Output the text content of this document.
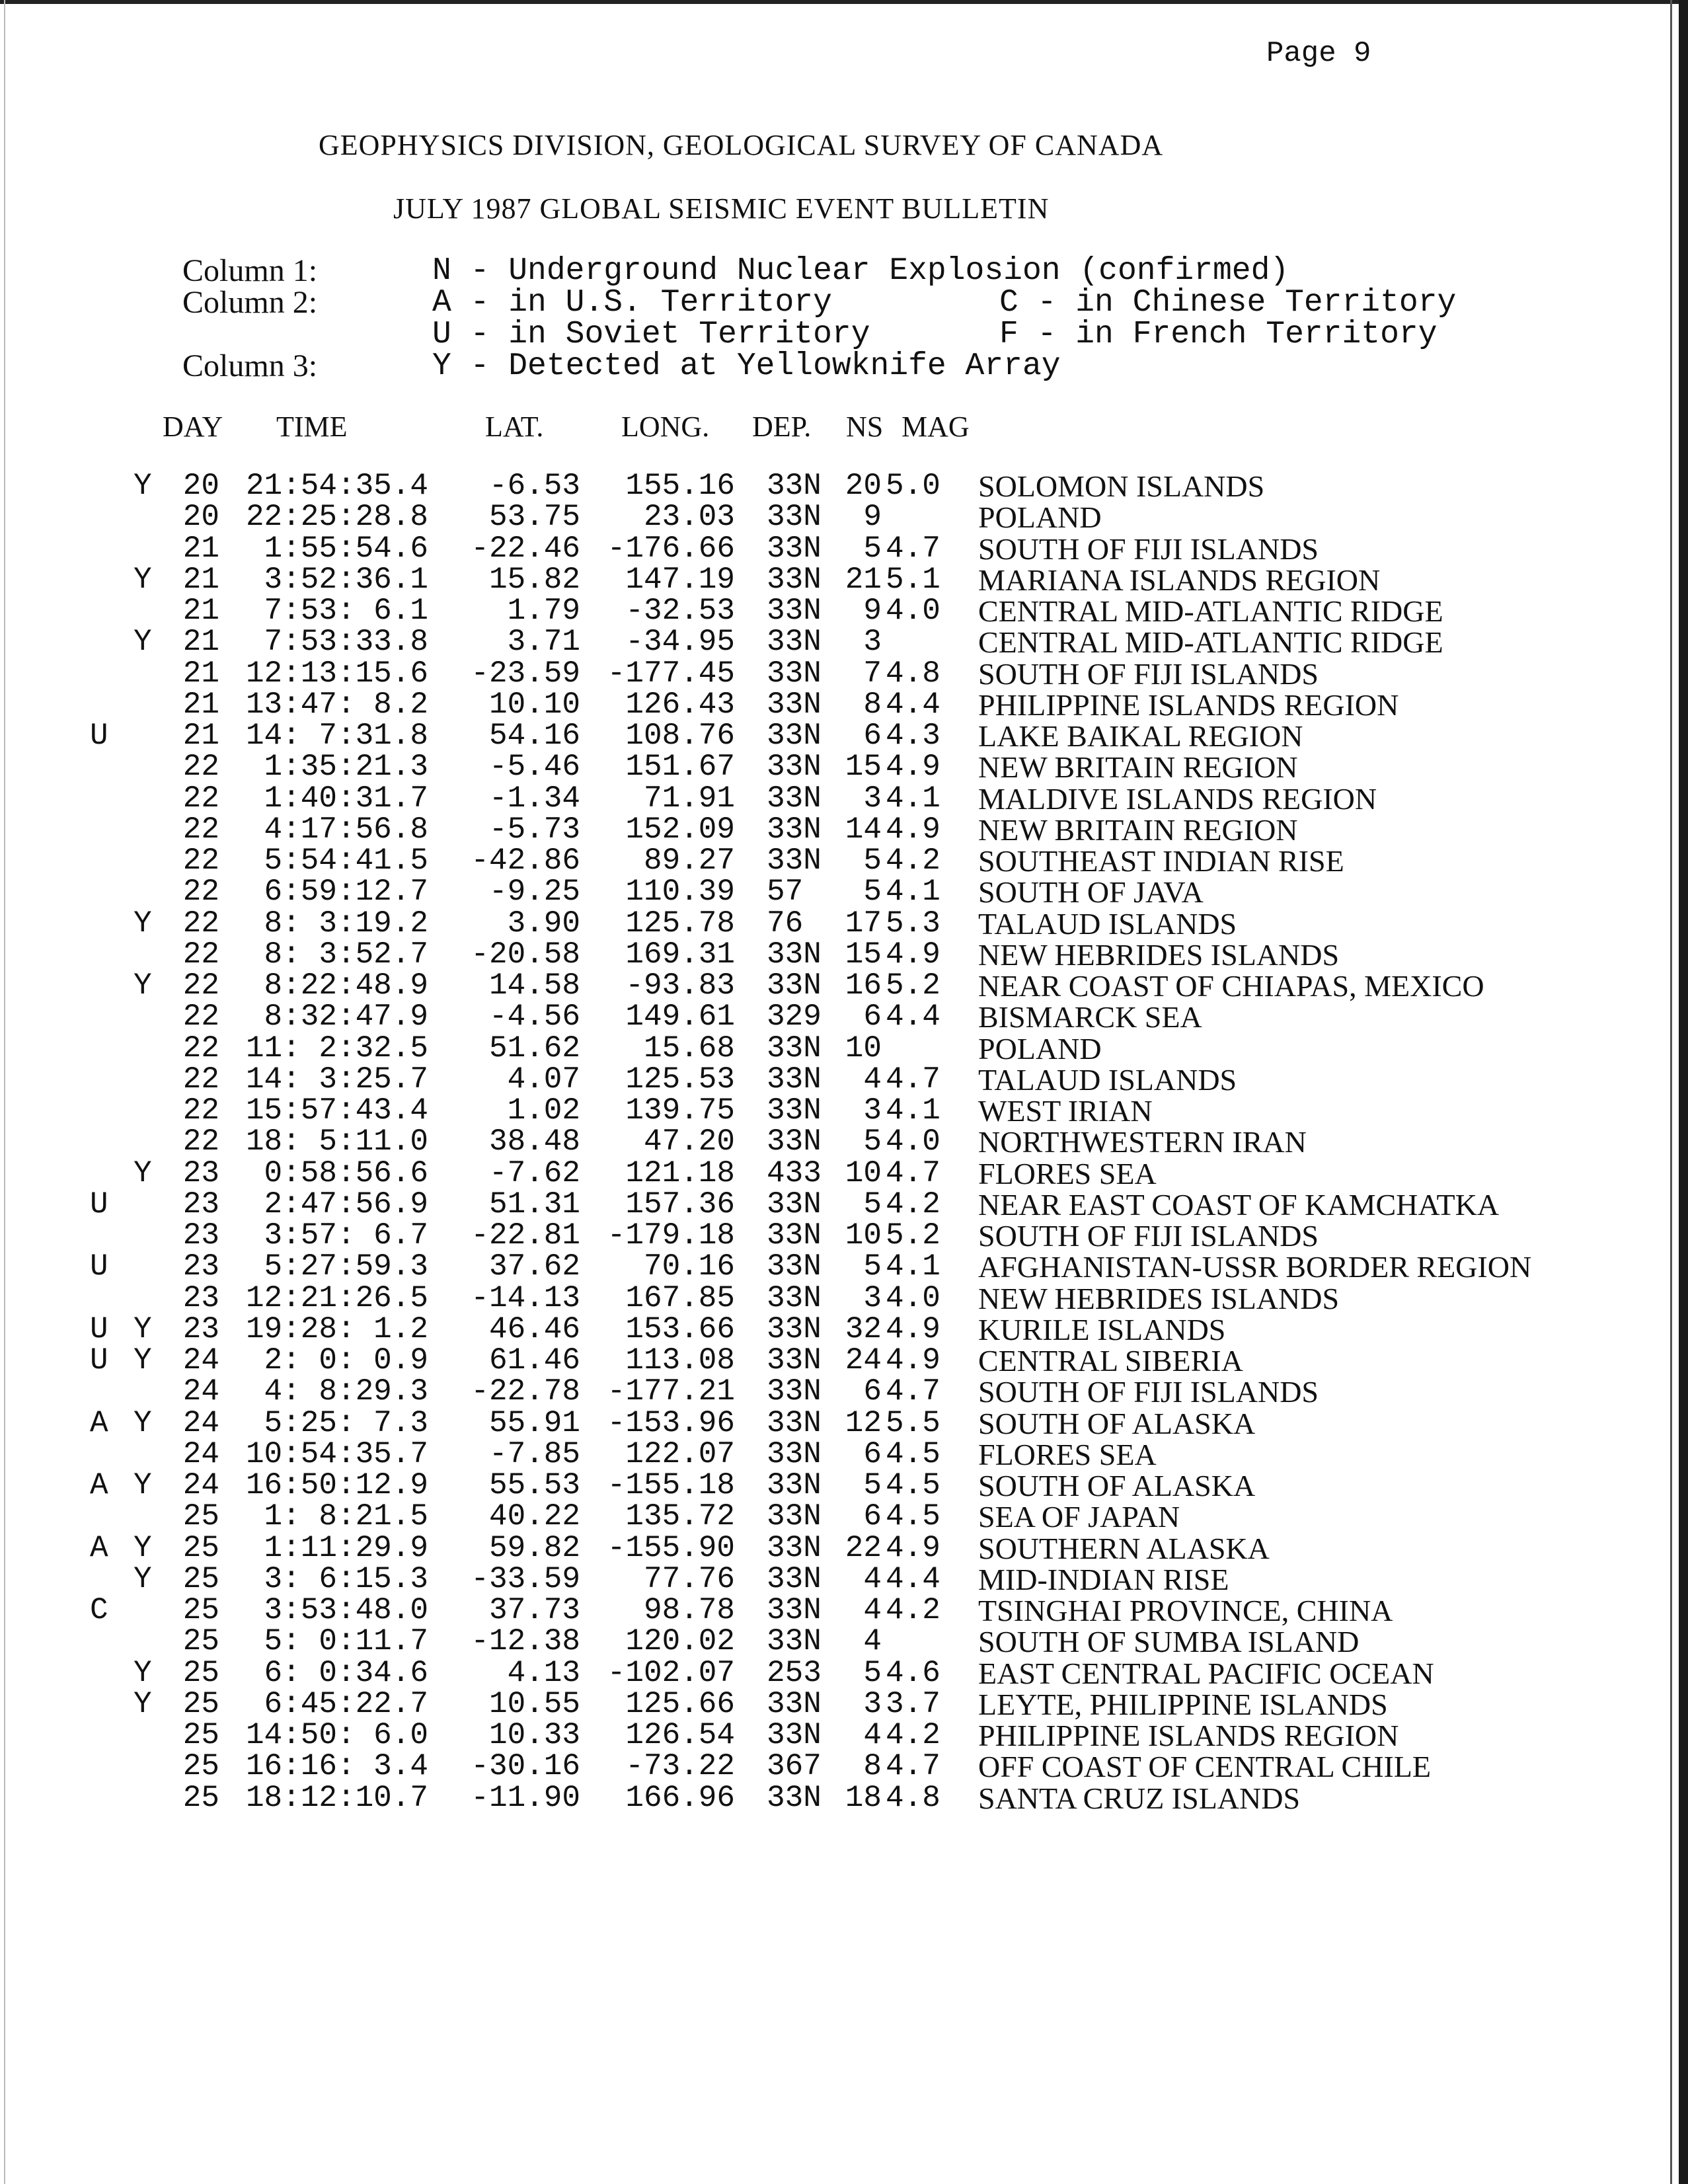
Page 9
GEOPHYSICS DIVISION, GEOLOGICAL SURVEY OF CANADA
JULY 1987 GLOBAL SEISMIC EVENT BULLETIN
Column 1:	N - Underground Nuclear Explosion (confirmed)
Column 2:	A - in U.S. Territory	C - in Chinese Territory
U - in Soviet Territory	F - in French Territory
Column 3:	Y - Detected at Yellowknife Array
DAY TIME	LAT.	LONG. DEP. NS MAG
Y	20 21:54:35.4	-6.53	155.16 33N 20 5.0 SOLOMON ISLANDS
20 22:25:28.8	53.75	23.03 33N	9	POLAND
21	1:55:54.6	-22.46 -176.66 33N	5 4.7 SOUTH OF FIJI ISLANDS
Y	21	3:52:36.1	15.82	147.19 33N 21 5.1 MARIANA ISLANDS REGION
21	7:53: 6.1	1.79	-32.53 33N	9 4.0 CENTRAL MID-ATLANTIC RIDGE
Y	21	7:53:33.8	3.71	-34.95 33N	3	CENTRAL MID-ATLANTIC RIDGE
21 12:13:15.6	-23.59 -177.45 33N	7 4.8 SOUTH OF FIJI ISLANDS
21 13:47: 8.2	10.10	126.43 33N	8 4.4 PHILIPPINE ISLANDS REGION
U	21 14: 7:31.8	54.16	108.76 33N	6 4.3 LAKE BAIKAL REGION
22	1:35:21.3	-5.46	151.67 33N 15 4.9 NEW BRITAIN REGION
22	1:40:31.7	-1.34	71.91 33N	3 4.1 MALDIVE ISLANDS REGION
22	4:17:56.8	-5.73	152.09 33N 14 4.9 NEW BRITAIN REGION
22	5:54:41.5	-42.86	89.27 33N	5 4.2 SOUTHEAST INDIAN RISE
22	6:59:12.7	-9.25	110.39 57	5 4.1 SOUTH OF JAVA
Y	22	8: 3:19.2	3.90	125.78 76	17 5.3 TALAUD ISLANDS
22	8: 3:52.7	-20.58	169.31 33N 15 4.9 NEW HEBRIDES ISLANDS
Y	22	8:22:48.9	14.58	-93.83 33N 16 5.2 NEAR COAST OF CHIAPAS, MEXICO
22	8:32:47.9	-4.56	149.61 329	6 4.4 BISMARCK SEA
22 11: 2:32.5	51.62	15.68 33N 10	POLAND
22 14: 3:25.7	4.07	125.53 33N	4 4.7 TALAUD ISLANDS
22 15:57:43.4	1.02	139.75 33N	3 4.1 WEST IRIAN
22 18: 5:11.0	38.48	47.20 33N	5 4.0 NORTHWESTERN IRAN
Y	23	0:58:56.6	-7.62	121.18 433 10 4.7 FLORES SEA
U	23	2:47:56.9	51.31	157.36 33N	5 4.2 NEAR EAST COAST OF KAMCHATKA
23	3:57: 6.7	-22.81 -179.18 33N 10 5.2 SOUTH OF FIJI ISLANDS
U	23	5:27:59.3	37.62	70.16 33N	5 4.1 AFGHANISTAN-USSR BORDER REGION
23 12:21:26.5	-14.13	167.85 33N	3 4.0 NEW HEBRIDES ISLANDS
U Y	23 19:28: 1.2	46.46	153.66 33N 32 4.9 KURILE ISLANDS
U Y	24	2: 0: 0.9	61.46	113.08 33N 24 4.9 CENTRAL SIBERIA
24	4: 8:29.3	-22.78 -177.21 33N	6 4.7 SOUTH OF FIJI ISLANDS
A Y	24	5:25: 7.3	55.91 -153.96 33N 12 5.5 SOUTH OF ALASKA
24 10:54:35.7	-7.85	122.07 33N	6 4.5 FLORES SEA
A Y	24 16:50:12.9	55.53 -155.18 33N	5 4.5 SOUTH OF ALASKA
25	1: 8:21.5	40.22	135.72 33N	6 4.5 SEA OF JAPAN
A Y	25	1:11:29.9	59.82 -155.90 33N 22 4.9 SOUTHERN ALASKA
Y	25	3: 6:15.3	-33.59	77.76 33N	4 4.4 MID-INDIAN RISE
C	25	3:53:48.0	37.73	98.78 33N	4 4.2 TSINGHAI PROVINCE, CHINA
25	5: 0:11.7	-12.38	120.02 33N	4	SOUTH OF SUMBA ISLAND
Y	25	6: 0:34.6	4.13 -102.07 253	5 4.6 EAST CENTRAL PACIFIC OCEAN
Y	25	6:45:22.7	10.55	125.66 33N	3 3.7 LEYTE, PHILIPPINE ISLANDS
25 14:50: 6.0	10.33	126.54 33N	4 4.2 PHILIPPINE ISLANDS REGION
25 16:16: 3.4	-30.16	-73.22 367	8 4.7 OFF COAST OF CENTRAL CHILE
25 18:12:10.7	-11.90	166.96 33N 18 4.8 SANTA CRUZ ISLANDS
